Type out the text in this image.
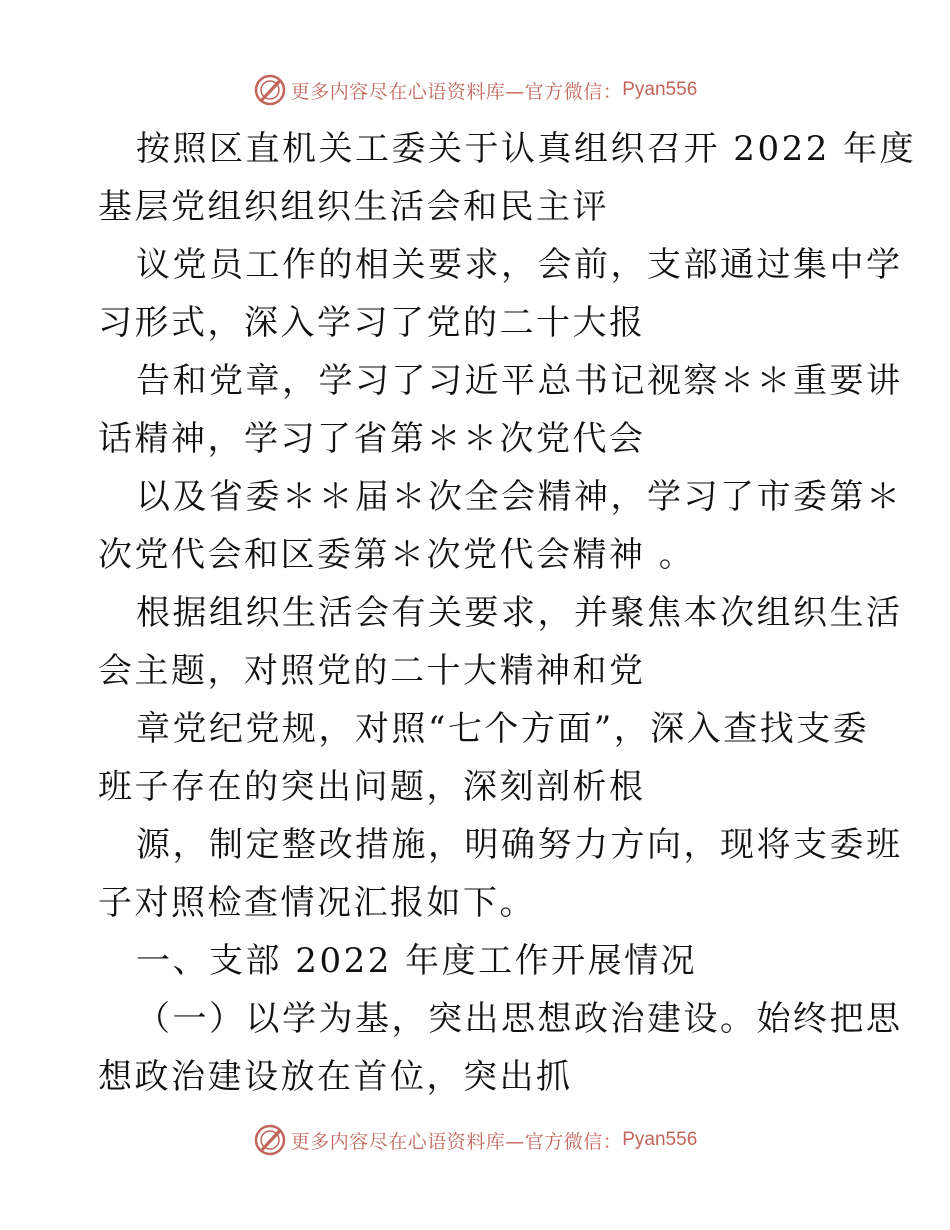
更多内容尽在心语资料库—官方微信： Pyan556
按照区直机关工委关于认真组织召开 2022 年度
基层党组织组织生活会和民主评
议党员工作的相关要求，会前，支部通过集中学
习形式，深入学习了党的二十大报
告和党章，学习了习近平总书记视察＊＊重要讲
话精神，学习了省第＊＊次党代会
以及省委＊＊届＊次全会精神，学习了市委第＊
次党代会和区委第＊次党代会精神 。
根据组织生活会有关要求，并聚焦本次组织生活
会主题，对照党的二十大精神和党
章党纪党规，对照“七个方面”，深入查找支委
班子存在的突出问题，深刻剖析根
源，制定整改措施，明确努力方向，现将支委班
子对照检查情况汇报如下。
一、支部 2022 年度工作开展情况
（一）以学为基，突出思想政治建设。始终把思
想政治建设放在首位，突出抓
更多内容尽在心语资料库—官方微信： Pyan556
